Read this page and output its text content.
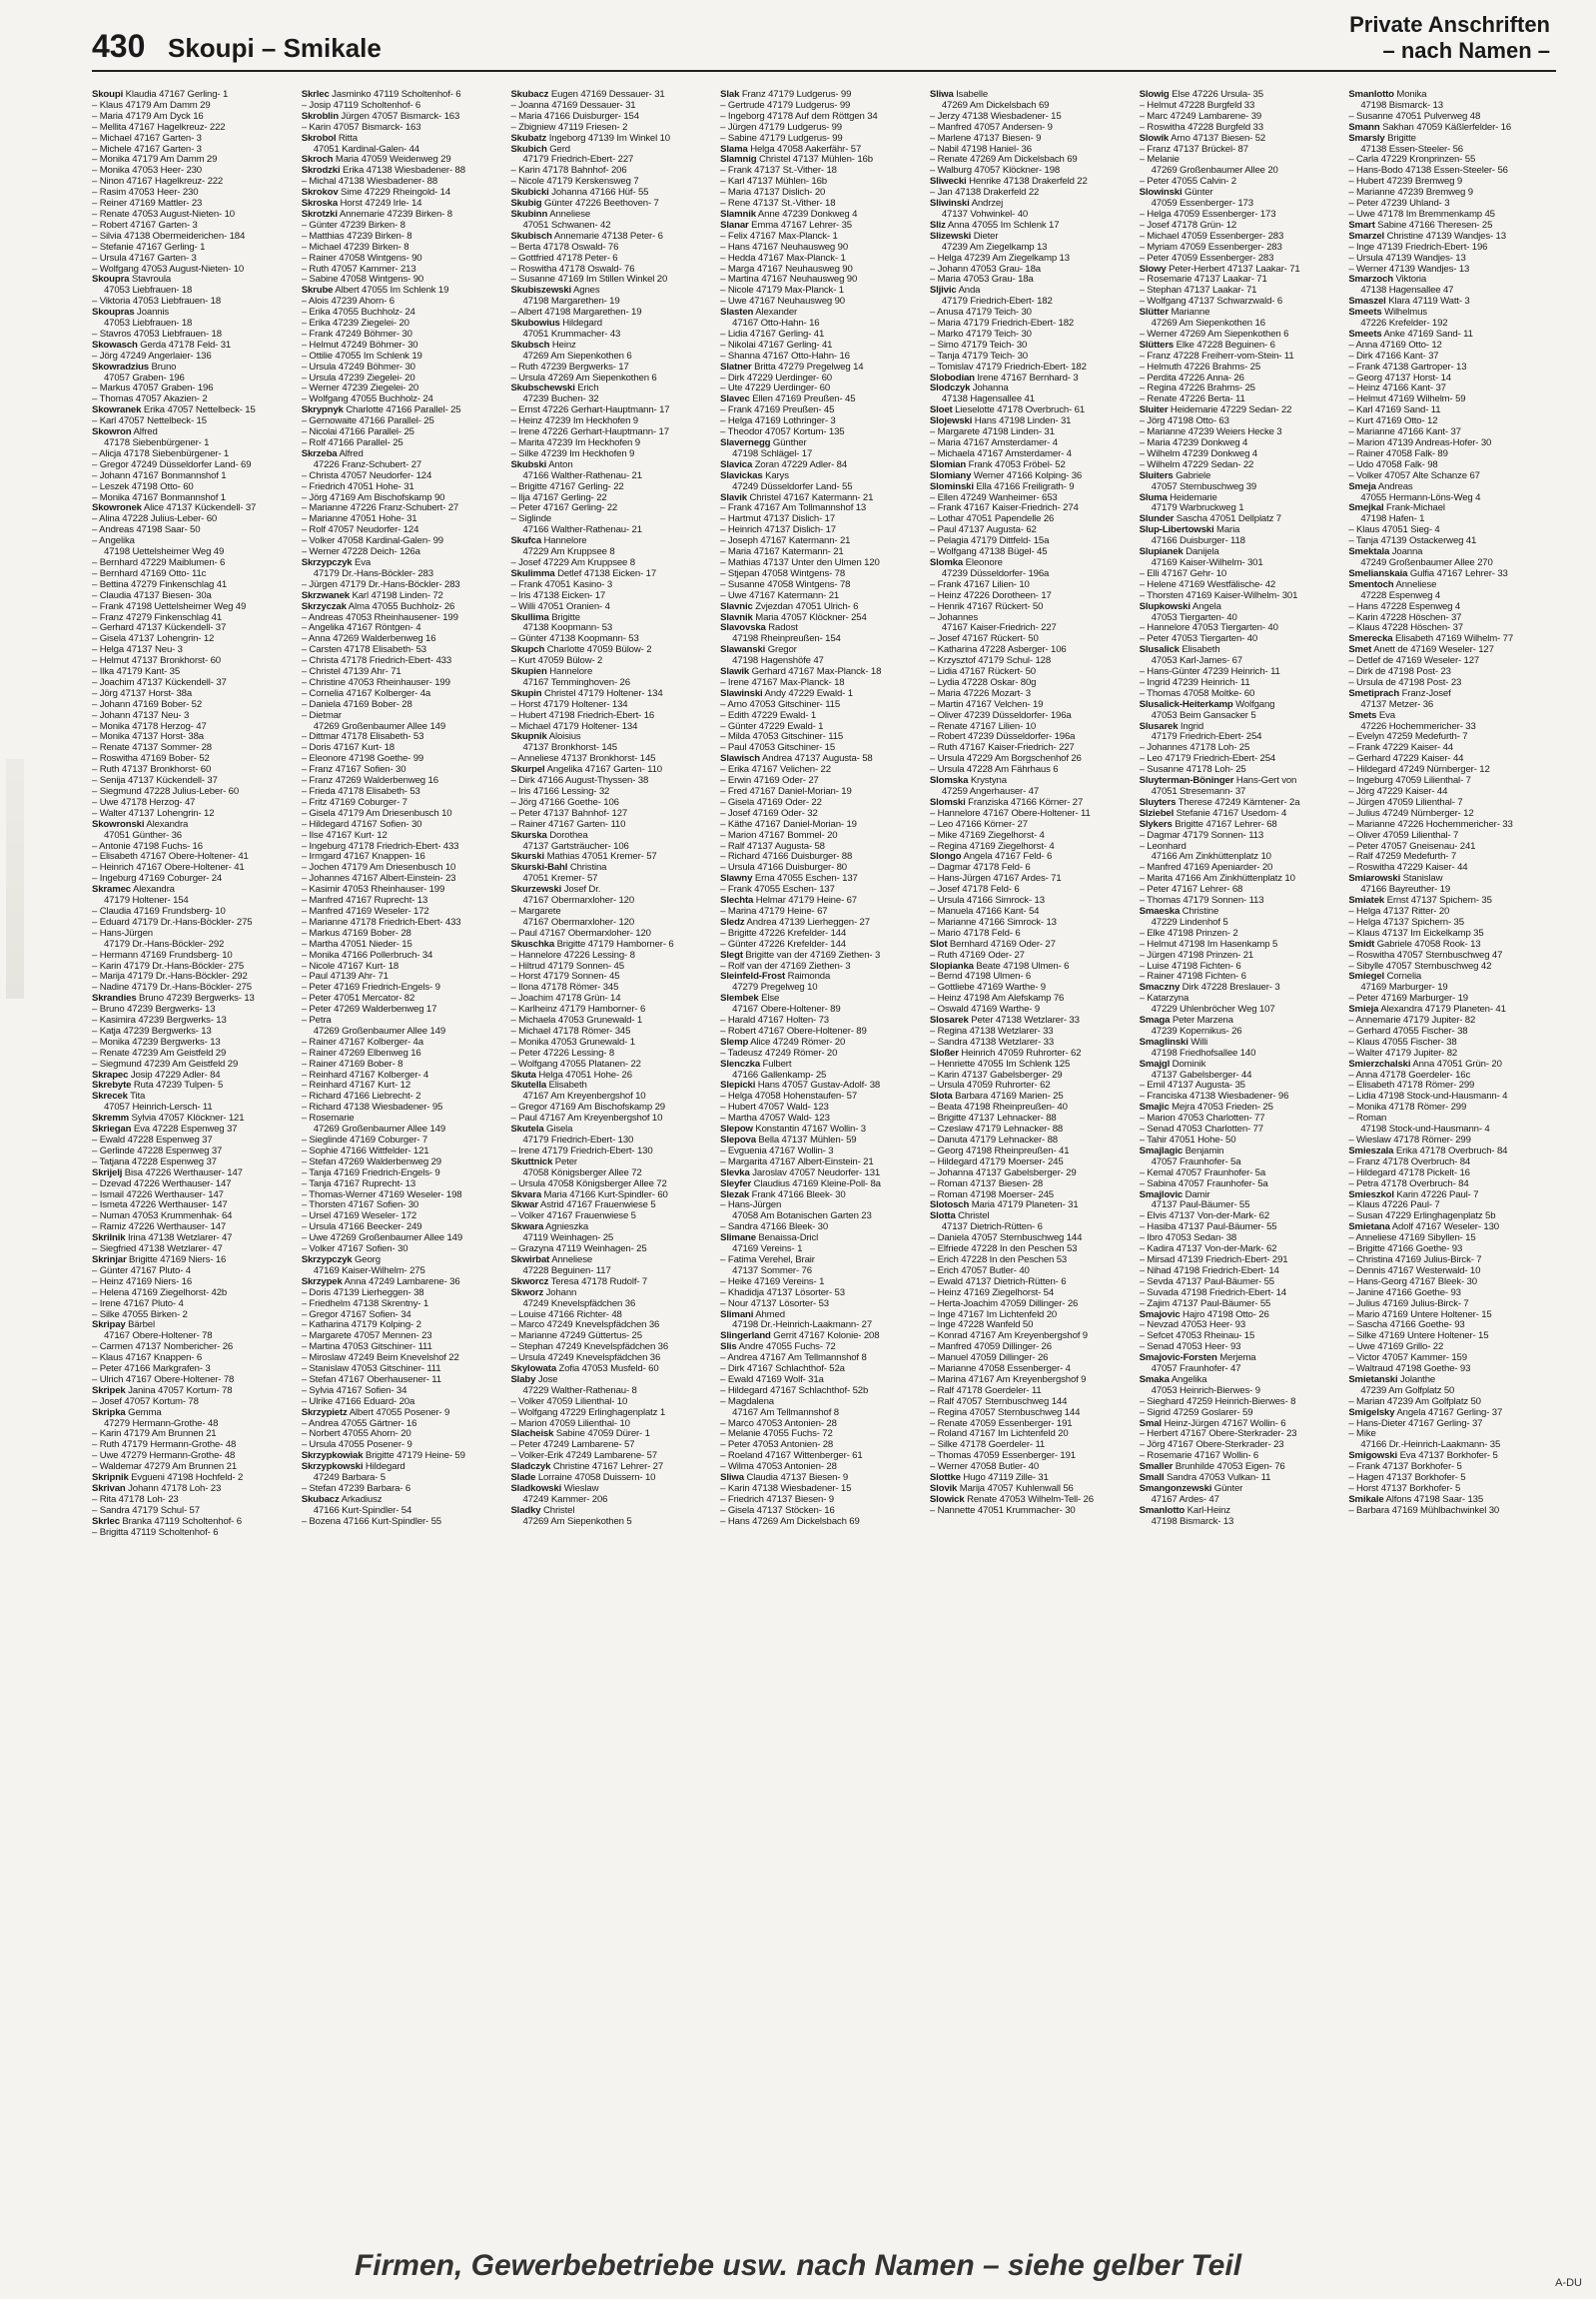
430 Skoupi – Smikale
Private Anschriften
– nach Namen –
Skoupi Klaudia 47167 Gerling- 1
– Klaus 47179 Am Damm 29
– Maria 47179 Am Dyck 16
– Mellita 47167 Hagelkreuz- 222
– Michael 47167 Garten- 3
– Michele 47167 Garten- 3
– Monika 47179 Am Damm 29
– Monika 47053 Heer- 230
– Ninon 47167 Hagelkreuz- 222
– Rasim 47053 Heer- 230
– Reiner 47169 Mattler- 23
– Renate 47053 August-Nieten- 10
– Robert 47167 Garten- 3
– Silvia 47138 Obermeiderichen- 184
– Stefanie 47167 Gerling- 1
– Ursula 47167 Garten- 3
– Wolfgang 47053 August-Nieten- 10
Skoupra Stavroula
47053 Liebfrauen- 18
– Viktoria 47053 Liebfrauen- 18
Skoupras Joannis
47053 Liebfrauen- 18
– Stavros 47053 Liebfrauen- 18
Skowasch Gerda 47178 Feld- 31
– Jörg 47249 Angerlaier- 136
Skowradzius Bruno
47057 Graben- 196
– Markus 47057 Graben- 196
– Thomas 47057 Akazien- 2
Skowranek Erika 47057 Nettelbeck- 15
– Karl 47057 Nettelbeck- 15
Skowron Alfred
47178 Siebenbürgener- 1
– Alicja 47178 Siebenbürgener- 1
– Gregor 47249 Düsseldorfer Land- 69
– Johann 47167 Bonmannshof 1
– Leszek 47198 Otto- 60
– Monika 47167 Bonmannshof 1
Skowronek Alice 47137 Kückendell- 37
– Alina 47228 Julius-Leber- 60
– Andreas 47198 Saar- 50
– Angelika
47198 Uettelsheimer Weg 49
– Bernhard 47229 Maiblumen- 6
– Bernhard 47169 Otto- 11c
– Bettina 47279 Finkenschlag 41
– Claudia 47137 Biesen- 30a
– Frank 47198 Uettelsheimer Weg 49
– Franz 47279 Finkenschlag 41
– Gerhard 47137 Kückendell- 37
– Gisela 47137 Lohengrin- 12
– Helga 47137 Neu- 3
– Helmut 47137 Bronkhorst- 60
– Ilka 47179 Kant- 35
– Joachim 47137 Kückendell- 37
– Jörg 47137 Horst- 38a
– Johann 47169 Bober- 52
– Johann 47137 Neu- 3
– Monika 47178 Herzog- 47
– Monika 47137 Horst- 38a
– Renate 47137 Sommer- 28
– Roswitha 47169 Bober- 52
– Ruth 47137 Bronkhorst- 60
– Senija 47137 Kückendell- 37
– Siegmund 47228 Julius-Leber- 60
– Uwe 47178 Herzog- 47
– Walter 47137 Lohengrin- 12
Skowronski Alexandra
47051 Günther- 36
– Antonie 47198 Fuchs- 16
– Elisabeth 47167 Obere-Holtener- 41
– Heinrich 47167 Obere-Holtener- 41
– Ingeburg 47169 Coburger- 24
Skramec Alexandra
47179 Holtener- 154
– Claudia 47169 Frundsberg- 10
– Eduard 47179 Dr.-Hans-Böckler- 275
– Hans-Jürgen
47179 Dr.-Hans-Böckler- 292
– Hermann 47169 Frundsberg- 10
– Karin 47179 Dr.-Hans-Böckler- 275
– Marija 47179 Dr.-Hans-Böckler- 292
– Nadine 47179 Dr.-Hans-Böckler- 275
Skrandies Bruno 47239 Bergwerks- 13
– Bruno 47239 Bergwerks- 13
– Kasimira 47239 Bergwerks- 13
– Katja 47239 Bergwerks- 13
– Monika 47239 Bergwerks- 13
– Renate 47239 Am Geistfeld 29
– Siegmund 47239 Am Geistfeld 29
Skrapec Josip 47229 Adler- 84
Skrebyte Ruta 47239 Tulpen- 5
Skrecek Tita
47057 Heinrich-Lersch- 11
Skremm Sylvia 47057 Klöckner- 121
Skriegan Eva 47228 Espenweg 37
– Ewald 47228 Espenweg 37
– Gerlinde 47228 Espenweg 37
– Tatjana 47228 Espenweg 37
Skrijelj Bisa 47226 Werthauser- 147
– Dzevad 47226 Werthauser- 147
– Ismail 47226 Werthauser- 147
– Ismeta 47226 Werthauser- 147
– Numan 47053 Krummenhak- 64
– Ramiz 47226 Werthauser- 147
Skrilnik Irina 47138 Wetzlarer- 47
– Siegfried 47138 Wetzlarer- 47
Skrinjar Brigitte 47169 Niers- 16
– Günter 47167 Pluto- 4
– Heinz 47169 Niers- 16
– Helena 47169 Ziegelhorst- 42b
– Irene 47167 Pluto- 4
– Silke 47055 Birken- 2
Skripay Bärbel
47167 Obere-Holtener- 78
– Carmen 47137 Nombericher- 26
– Klaus 47167 Knappen- 6
– Peter 47166 Markgrafen- 3
– Ulrich 47167 Obere-Holtener- 78
Skripek Janina 47057 Kortum- 78
– Josef 47057 Kortum- 78
Skripka Gemma
47279 Hermann-Grothe- 48
– Karin 47179 Am Brunnen 21
– Ruth 47179 Hermann-Grothe- 48
– Uwe 47279 Hermann-Grothe- 48
– Waldemar 47279 Am Brunnen 21
Skripnik Evgueni 47198 Hochfeld- 2
Skrivan Johann 47178 Loh- 23
– Rita 47178 Loh- 23
– Sandra 47179 Schul- 57
Skrlec Branka 47119 Scholtenhof- 6
– Brigitta 47119 Scholtenhof- 6
Skrlec Jasminko 47119 Scholtenhof- 6
– Josip 47119 Scholtenhof- 6
Skroblin Jürgen 47057 Bismarck- 163
– Karin 47057 Bismarck- 163
Skrobol Ritta
47051 Kardinal-Galen- 44
Skroch Maria 47059 Weidenweg 29
Skrodzki Erika 47138 Wiesbadener- 88
– Michal 47138 Wiesbadener- 88
Skrokov Sime 47229 Rheingold- 14
Skroska Horst 47249 Irle- 14
Skrotzki Annemarie 47239 Birken- 8
– Günter 47239 Birken- 8
– Matthias 47239 Birken- 8
– Michael 47239 Birken- 8
– Rainer 47058 Wintgens- 90
– Ruth 47057 Kammer- 213
– Sabine 47058 Wintgens- 90
Skrube Albert 47055 Im Schlenk 19
– Alois 47239 Ahorn- 6
– Erika 47055 Buchholz- 24
– Erika 47239 Ziegelei- 20
– Frank 47249 Böhmer- 30
– Helmut 47249 Böhmer- 30
– Ottilie 47055 Im Schlenk 19
– Ursula 47249 Böhmer- 30
– Ursula 47239 Ziegelei- 20
– Werner 47239 Ziegelei- 20
– Wolfgang 47055 Buchholz- 24
Skrypnyk Charlotte 47166 Parallel- 25
– Gernowaite 47166 Parallel- 25
– Nicolai 47166 Parallel- 25
– Rolf 47166 Parallel- 25
Skrzeba Alfred
47226 Franz-Schubert- 27
– Christa 47057 Neudorfer- 124
– Friedrich 47051 Hohe- 31
– Jörg 47169 Am Bischofskamp 90
– Marianne 47226 Franz-Schubert- 27
– Marianne 47051 Hohe- 31
– Rolf 47057 Neudorfer- 124
– Volker 47058 Kardinal-Galen- 99
– Werner 47228 Deich- 126a
Skrzypczyk Eva
47179 Dr.-Hans-Böckler- 283
– Jürgen 47179 Dr.-Hans-Böckler- 283
Skrzwanek Karl 47198 Linden- 72
Skrzyczak Alma 47055 Buchholz- 26
– Andreas 47053 Rheinhausener- 199
– Angelika 47167 Röntgen- 4
– Anna 47269 Walderbenweg 16
– Carsten 47178 Elisabeth- 53
– Christa 47178 Friedrich-Ebert- 433
– Christel 47139 Ahr- 71
– Christine 47053 Rheinhauser- 199
– Cornelia 47167 Kolberger- 4a
– Daniela 47169 Bober- 28
– Dietmar
47269 Großenbaumer Allee 149
– Dittmar 47178 Elisabeth- 53
– Doris 47167 Kurt- 18
– Eleonore 47198 Goethe- 99
– Franz 47167 Sofien- 30
– Franz 47269 Walderbenweg 16
– Frieda 47178 Elisabeth- 53
– Fritz 47169 Coburger- 7
– Gisela 47179 Am Driesenbusch 10
– Hildegard 47167 Sofien- 30
– Ilse 47167 Kurt- 12
– Ingeburg 47178 Friedrich-Ebert- 433
– Irmgard 47167 Knappen- 16
– Jochen 47179 Am Driesenbusch 10
– Johannes 47167 Albert-Einstein- 23
– Kasimir 47053 Rheinhauser- 199
– Manfred 47167 Ruprecht- 13
– Manfred 47169 Weseler- 172
– Marianne 47178 Friedrich-Ebert- 433
– Markus 47169 Bober- 28
– Martha 47051 Nieder- 15
– Monika 47166 Pollerbruch- 34
– Nicole 47167 Kurt- 18
– Paul 47139 Ahr- 71
– Peter 47169 Friedrich-Engels- 9
– Peter 47051 Mercator- 82
– Peter 47269 Walderbenweg 17
– Petra
47269 Großenbaumer Allee 149
– Rainer 47167 Kolberger- 4a
– Rainer 47269 Elbenweg 16
– Rainer 47169 Bober- 8
– Reinhard 47167 Kolberger- 4
– Reinhard 47167 Kurt- 12
– Richard 47166 Liebrecht- 2
– Richard 47138 Wiesbadener- 95
– Rosemarie
47269 Großenbaumer Allee 149
– Sieglinde 47169 Coburger- 7
– Sophie 47166 Wittfelder- 121
– Stefan 47269 Walderbenweg 29
– Tanja 47169 Friedrich-Engels- 9
– Tanja 47167 Ruprecht- 13
– Thomas-Werner 47169 Weseler- 198
– Thorsten 47167 Sofien- 30
– Ursel 47169 Weseler- 172
– Ursula 47166 Beecker- 249
– Uwe 47269 Großenbaumer Allee 149
– Volker 47167 Sofien- 30
Skrzypczyk Georg
47169 Kaiser-Wilhelm- 275
Skrzypek Anna 47249 Lambarene- 36
– Doris 47139 Lierheggen- 38
– Friedhelm 47138 Skrentny- 1
– Gregor 47167 Sofien- 34
– Katharina 47179 Kolping- 2
– Margarete 47057 Mennen- 23
– Martina 47053 Gitschiner- 111
– Miroslaw 47249 Beim Knevelshof 22
– Stanislaw 47053 Gitschiner- 111
– Stefan 47167 Oberhausener- 11
– Sylvia 47167 Sofien- 34
– Ulrike 47166 Eduard- 20a
Skrzypietz Albert 47055 Posener- 9
– Andrea 47055 Gärtner- 16
– Norbert 47055 Ahorn- 20
– Ursula 47055 Posener- 9
Skrzypkowiak Brigitte 47179 Heine- 59
Skrzypkowski Hildegard
47249 Barbara- 5
– Stefan 47239 Barbara- 6
Skubacz Arkadiusz
47166 Kurt-Spindler- 54
– Bozena 47166 Kurt-Spindler- 55
Skubacz Eugen 47169 Dessauer- 31
– Joanna 47169 Dessauer- 31
– Maria 47166 Duisburger- 154
– Zbigniew 47119 Friesen- 2
Skubatz Ingeborg 47139 Im Winkel 10
Skubich Gerd
47179 Friedrich-Ebert- 227
– Karin 47178 Bahnhof- 206
– Nicole 47179 Kerskensweg 7
Skubicki Johanna 47166 Hüf- 55
Skubig Günter 47226 Beethoven- 7
Skubinn Anneliese
47051 Schwanen- 42
Skubisch Annemarie 47138 Peter- 6
– Berta 47178 Oswald- 76
– Gottfried 47178 Peter- 6
– Roswitha 47178 Oswald- 76
– Susanne 47169 Im Stillen Winkel 20
Skubiszewski Agnes
47198 Margarethen- 19
– Albert 47198 Margarethen- 19
Skubowius Hildegard
47051 Krummacher- 43
Skubsch Heinz
47269 Am Siepenkothen 6
– Ruth 47239 Bergwerks- 17
– Ursula 47269 Am Siepenkothen 6
Skubschewski Erich
47239 Buchen- 32
– Ernst 47226 Gerhart-Hauptmann- 17
– Heinz 47239 Im Heckhofen 9
– Irene 47226 Gerhart-Hauptmann- 17
– Marita 47239 Im Heckhofen 9
– Silke 47239 Im Heckhofen 9
Skubski Anton
47166 Walther-Rathenau- 21
– Brigitte 47167 Gerling- 22
– Ilja 47167 Gerling- 22
– Peter 47167 Gerling- 22
– Siglinde
47166 Walther-Rathenau- 21
Skufca Hannelore
47229 Am Kruppsee 8
– Josef 47229 Am Kruppsee 8
Skulimma Detlef 47138 Eicken- 17
– Frank 47051 Kasino- 3
– Iris 47138 Eicken- 17
– Willi 47051 Oranien- 4
Skullima Brigitte
47138 Koopmann- 53
– Günter 47138 Koopmann- 53
Skupch Charlotte 47059 Bülow- 2
– Kurt 47059 Bülow- 2
Skupien Hannelore
47167 Temminghoven- 26
Skupin Christel 47179 Holtener- 134
– Horst 47179 Holtener- 134
– Hubert 47198 Friedrich-Ebert- 16
– Michael 47179 Holtener- 134
Skupnik Aloisius
47137 Bronkhorst- 145
– Anneliese 47137 Bronkhorst- 145
Skurpel Angelika 47167 Garten- 110
– Dirk 47166 August-Thyssen- 38
– Iris 47166 Lessing- 32
– Jörg 47166 Goethe- 106
– Peter 47137 Bahnhof- 127
– Rainer 47167 Garten- 110
Skurska Dorothea
47137 Gartsträucher- 106
Skurski Mathias 47051 Kremer- 57
Skurski-Bahl Christina
47051 Kremer- 57
Skurzewski Josef Dr.
47167 Obermarxloher- 120
– Margarete
47167 Obermarxloher- 120
– Paul 47167 Obermarxloher- 120
Skuschka Brigitte 47179 Hamborner- 6
– Hannelore 47226 Lessing- 8
– Hiltrud 47179 Sonnen- 45
– Horst 47179 Sonnen- 45
– Ilona 47178 Römer- 345
– Joachim 47178 Grün- 14
– Karlheinz 47179 Hamborner- 6
– Michaela 47053 Grunewald- 1
– Michael 47178 Römer- 345
– Monika 47053 Grunewald- 1
– Peter 47226 Lessing- 8
– Wolfgang 47055 Platanen- 22
Skuta Helga 47051 Hohe- 26
Skutella Elisabeth
47167 Am Kreyenbergshof 10
– Gregor 47169 Am Bischofskamp 29
– Paul 47167 Am Kreyenbergshof 10
Skutela Gisela
47179 Friedrich-Ebert- 130
– Irene 47179 Friedrich-Ebert- 130
Skuttnick Peter
47058 Königsberger Allee 72
– Ursula 47058 Königsberger Allee 72
Skvara Maria 47166 Kurt-Spindler- 60
Skwar Astrid 47167 Frauenwiese 5
– Volker 47167 Frauenwiese 5
Skwara Agnieszka
47119 Weinhagen- 25
– Grazyna 47119 Weinhagen- 25
Skwirbat Anneliese
47228 Beguinen- 117
Skworcz Teresa 47178 Rudolf- 7
Skworz Johann
47249 Knevelspfädchen 36
– Louise 47166 Richter- 48
– Marco 47249 Knevelspfädchen 36
– Marianne 47249 Güttertus- 25
– Stephan 47249 Knevelspfädchen 36
– Ursula 47249 Knevelspfädchen 36
Skylowata Zofia 47053 Musfeld- 60
Slaby Jose
47229 Walther-Rathenau- 8
– Volker 47059 Lilienthal- 10
– Wolfgang 47229 Erlinghagenplatz 1
– Marion 47059 Lilienthal- 10
Slacheisk Sabine 47059 Dürer- 1
– Peter 47249 Lambarene- 57
– Volker-Erik 47249 Lambarene- 57
Sladczyk Christine 47167 Lehrer- 27
Slade Lorraine 47058 Duissern- 10
Sladkowski Wieslaw
47249 Kammer- 206
Sladky Christel
47269 Am Siepenkothen 5
Slak Franz 47179 Ludgerus- 99
– Gertrude 47179 Ludgerus- 99
– Ingeborg 47178 Auf dem Röttgen 34
– Jürgen 47179 Ludgerus- 99
– Sabine 47179 Ludgerus- 99
Slama Helga 47058 Aakerfähr- 57
Slamnig Christel 47137 Mühlen- 16b
– Frank 47137 St.-Vither- 18
– Karl 47137 Mühlen- 16b
– Maria 47137 Dislich- 20
– Rene 47137 St.-Vither- 18
Slamnik Anne 47239 Donkweg 4
Slanar Emma 47167 Lehrer- 35
– Felix 47167 Max-Planck- 1
– Hans 47167 Neuhausweg 90
– Hedda 47167 Max-Planck- 1
– Marga 47167 Neuhausweg 90
– Martina 47167 Neuhausweg 90
– Nicole 47179 Max-Planck- 1
– Uwe 47167 Neuhausweg 90
Slasten Alexander
47167 Otto-Hahn- 16
– Lidia 47167 Gerling- 41
– Nikolai 47167 Gerling- 41
– Shanna 47167 Otto-Hahn- 16
Slatner Britta 47279 Pregelweg 14
– Dirk 47229 Uerdinger- 60
– Ute 47229 Uerdinger- 60
Slavec Ellen 47169 Preußen- 45
– Frank 47169 Preußen- 45
– Helga 47169 Lothringer- 3
– Theodor 47057 Kortum- 135
Slavernegg Günther
47198 Schlägel- 17
Slavica Zoran 47229 Adler- 84
Slavickas Karys
47249 Düsseldorfer Land- 55
Slavik Christel 47167 Katermann- 21
– Frank 47167 Am Tollmannshof 13
– Hartmut 47137 Dislich- 17
– Heinrich 47137 Dislich- 17
– Joseph 47167 Katermann- 21
– Maria 47167 Katermann- 21
– Mathias 47137 Unter den Ulmen 120
– Stjepan 47058 Wintgens- 78
– Susanne 47058 Wintgens- 78
– Uwe 47167 Katermann- 21
Slavnic Zvjezdan 47051 Ulrich- 6
Slavnik Maria 47057 Klöckner- 254
Slavovska Radost
47198 Rheinpreußen- 154
Slawanski Gregor
47198 Hagenshöfe 47
Slawik Gerhard 47167 Max-Planck- 18
– Irene 47167 Max-Planck- 18
Slawinski Andy 47229 Ewald- 1
– Arno 47053 Gitschiner- 115
– Edith 47229 Ewald- 1
– Günter 47229 Ewald- 1
– Milda 47053 Gitschiner- 115
– Paul 47053 Gitschiner- 15
Slawisch Andrea 47137 Augusta- 58
– Erika 47167 Velichen- 22
– Erwin 47169 Oder- 27
– Fred 47167 Daniel-Morian- 19
– Gisela 47169 Oder- 22
– Josef 47169 Oder- 32
– Käthe 47167 Daniel-Morian- 19
– Marion 47167 Bommel- 20
– Ralf 47137 Augusta- 58
– Richard 47166 Duisburger- 88
– Ursula 47166 Duisburger- 80
Slawny Erna 47055 Eschen- 137
– Frank 47055 Eschen- 137
Slechta Helmar 47179 Heine- 67
– Marina 47179 Heine- 67
Sledz Andrea 47139 Lierheggen- 27
– Brigitte 47226 Krefelder- 144
– Günter 47226 Krefelder- 144
Slegt Brigitte van der 47169 Ziethen- 3
– Rolf van der 47169 Ziethen- 3
Sleinfeld-Frost Raimonda
47279 Pregelweg 10
Slembek Else
47167 Obere-Holtener- 89
– Harald 47167 Holten- 73
– Robert 47167 Obere-Holtener- 89
Slemp Alice 47249 Römer- 20
– Tadeusz 47249 Römer- 20
Slenczka Fulbert
47166 Gallenkamp- 25
Slepicki Hans 47057 Gustav-Adolf- 38
– Helga 47058 Hohenstaufen- 57
– Hubert 47057 Wald- 123
– Martha 47057 Wald- 123
Slepow Konstantin 47167 Wollin- 3
Slepova Bella 47137 Mühlen- 59
– Evguenia 47167 Wollin- 3
– Margarita 47167 Albert-Einstein- 21
Slevka Jaroslav 47057 Neudorfer- 131
Sleyfer Claudius 47169 Kleine-Poll- 8a
Slezak Frank 47166 Bleek- 30
– Hans-Jürgen
47058 Am Botanischen Garten 23
– Sandra 47166 Bleek- 30
Slimane Benaissa-Dricl
47169 Vereins- 1
– Fatima Verehel, Brair
47137 Sommer- 76
– Heike 47169 Vereins- 1
– Khadidja 47137 Lösorter- 53
– Nour 47137 Lösorter- 53
Slimani Ahmed
47198 Dr.-Heinrich-Laakmann- 27
Slingerland Gerrit 47167 Kolonie- 208
Slis Andre 47055 Fuchs- 72
– Andrea 47167 Am Tellmannshof 8
– Dirk 47167 Schlachthof- 52a
– Ewald 47169 Wolf- 31a
– Hildegard 47167 Schlachthof- 52b
– Magdalena
47167 Am Tellmannshof 8
– Marco 47053 Antonien- 28
– Melanie 47055 Fuchs- 72
– Peter 47053 Antonien- 28
– Roeland 47167 Wittenberger- 61
– Wilma 47053 Antonien- 28
Sliwa Claudia 47137 Biesen- 9
– Karin 47138 Wiesbadener- 15
– Friedrich 47137 Biesen- 9
– Gisela 47137 Stöcken- 16
– Hans 47269 Am Dickelsbach 69
Sliwa Isabelle
47269 Am Dickelsbach 69
– Jerzy 47138 Wiesbadener- 15
– Manfred 47057 Andersen- 9
– Marlene 47137 Biesen- 9
– Nabil 47198 Haniel- 36
– Renate 47269 Am Dickelsbach 69
– Walburg 47057 Klöckner- 198
Sliwecki Henrike 47138 Drakerfeld 22
– Jan 47138 Drakerfeld 22
Sliwinski Andrzej
47137 Vohwinkel- 40
Sliz Anna 47055 Im Schlenk 17
Slizewski Dieter
47239 Am Ziegelkamp 13
– Helga 47239 Am Ziegelkamp 13
– Johann 47053 Grau- 18a
– Maria 47053 Grau- 18a
Sljivic Anda
47179 Friedrich-Ebert- 182
– Anusa 47179 Teich- 30
– Maria 47179 Friedrich-Ebert- 182
– Marko 47179 Teich- 30
– Simo 47179 Teich- 30
– Tanja 47179 Teich- 30
– Tomislav 47179 Friedrich-Ebert- 182
Slobodian Irene 47167 Bernhard- 3
Slodczyk Johanna
47138 Hagensallee 41
Sloet Lieselotte 47178 Overbruch- 61
Slojewski Hans 47198 Linden- 31
– Margarete 47198 Linden- 31
– Maria 47167 Amsterdamer- 4
– Michaela 47167 Amsterdamer- 4
Slomian Frank 47053 Fröbel- 52
Slomiany Werner 47166 Kolping- 36
Slominski Ella 47166 Freiligrath- 9
– Ellen 47249 Wanheimer- 653
– Frank 47167 Kaiser-Friedrich- 274
– Lothar 47051 Papendelle 26
– Paul 47137 Augusta- 62
– Pelagia 47179 Dittfeld- 15a
– Wolfgang 47138 Bügel- 45
Slomka Eleonore
47239 Düsseldorfer- 196a
– Frank 47167 Lilien- 10
– Heinz 47226 Dorotheen- 17
– Henrik 47167 Rückert- 50
– Johannes
47167 Kaiser-Friedrich- 227
– Josef 47167 Rückert- 50
– Katharina 47228 Asberger- 106
– Krzysztof 47179 Schul- 128
– Lidia 47167 Rückert- 50
– Lydia 47228 Oskar- 80g
– Maria 47226 Mozart- 3
– Martin 47167 Velchen- 19
– Oliver 47239 Düsseldorfer- 196a
– Renate 47167 Lilien- 10
– Robert 47239 Düsseldorfer- 196a
– Ruth 47167 Kaiser-Friedrich- 227
– Ursula 47229 Am Borgschenhof 26
– Ursula 47228 Am Fährhaus 6
Slomska Krystyna
47259 Angerhauser- 47
Slomski Franziska 47166 Körner- 27
– Hannelore 47167 Obere-Holtener- 11
– Leo 47166 Körner- 27
– Mike 47169 Ziegelhorst- 4
– Regina 47169 Ziegelhorst- 4
Slongo Angela 47167 Feld- 6
– Dagmar 47178 Feld- 6
– Hans-Jürgen 47167 Ardes- 71
– Josef 47178 Feld- 6
– Ursula 47166 Simrock- 13
– Manuela 47166 Kant- 54
– Marianne 47166 Simrock- 13
– Mario 47178 Feld- 6
Slot Bernhard 47169 Oder- 27
– Ruth 47169 Oder- 27
Slopianka Beate 47198 Ulmen- 6
– Bernd 47198 Ulmen- 6
– Gottliebe 47169 Warthe- 9
– Heinz 47198 Am Alefskamp 76
– Oswald 47169 Warthe- 9
Slosarek Peter 47138 Wetzlarer- 33
– Regina 47138 Wetzlarer- 33
– Sandra 47138 Wetzlarer- 33
Sloßer Heinrich 47059 Ruhrorter- 62
– Henriette 47055 Im Schlenk 125
– Karin 47137 Gabelsberger- 29
– Ursula 47059 Ruhrorter- 62
Slota Barbara 47169 Marien- 25
– Beata 47198 Rheinpreußen- 40
– Brigitte 47137 Lehnacker- 88
– Czeslaw 47179 Lehnacker- 88
– Danuta 47179 Lehnacker- 88
– Georg 47198 Rheinpreußen- 41
– Hildegard 47179 Moerser- 245
– Johanna 47137 Gabelsberger- 29
– Roman 47137 Biesen- 28
– Roman 47198 Moerser- 245
Slotosch Maria 47179 Planeten- 31
Slotta Christel
47137 Dietrich-Rütten- 6
– Daniela 47057 Sternbuschweg 144
– Elfriede 47228 In den Peschen 53
– Erich 47228 In den Peschen 53
– Erich 47057 Butler- 40
– Ewald 47137 Dietrich-Rütten- 6
– Heinz 47169 Ziegelhorst- 54
– Herta-Joachim 47059 Dillinger- 26
– Inge 47167 Im Lichtenfeld 20
– Inge 47228 Wanfeld 50
– Konrad 47167 Am Kreyenbergshof 9
– Manfred 47059 Dillinger- 26
– Manuel 47059 Dillinger- 26
– Marianne 47058 Essenberger- 4
– Marina 47167 Am Kreyenbergshof 9
– Ralf 47178 Goerdeler- 11
– Ralf 47057 Sternbuschweg 144
– Regina 47057 Sternbuschweg 144
– Renate 47059 Essenberger- 191
– Roland 47167 Im Lichtenfeld 20
– Silke 47178 Goerdeler- 11
– Thomas 47059 Essenberger- 191
– Werner 47058 Butler- 40
Slottke Hugo 47119 Zille- 31
Slovik Marija 47057 Kuhlenwall 56
Slowick Renate 47053 Wilhelm-Tell- 26
– Nannette 47051 Krummacher- 30
Slowig Else 47226 Ursula- 35
– Helmut 47228 Burgfeld 33
– Marc 47249 Lambarene- 39
– Roswitha 47228 Burgfeld 33
Slowik Arno 47137 Biesen- 52
– Franz 47137 Brückel- 87
– Melanie
47269 Großenbaumer Allee 20
– Peter 47055 Calvin- 2
Slowinski Günter
47059 Essenberger- 173
– Helga 47059 Essenberger- 173
– Josef 47178 Grün- 12
– Michael 47059 Essenberger- 283
– Myriam 47059 Essenberger- 283
– Peter 47059 Essenberger- 283
Slowy Peter-Herbert 47137 Laakar- 71
– Rosemarie 47137 Laakar- 71
– Stephan 47137 Laakar- 71
– Wolfgang 47137 Schwarzwald- 6
Slütter Marianne
47269 Am Siepenkothen 16
– Werner 47269 Am Siepenkothen 6
Slütters Elke 47228 Beguinen- 6
– Franz 47228 Freiherr-vom-Stein- 11
– Helmuth 47226 Brahms- 25
– Perdita 47226 Anna- 26
– Regina 47226 Brahms- 25
– Renate 47226 Berta- 11
Sluiter Heidemarie 47229 Sedan- 22
– Jörg 47198 Otto- 63
– Marianne 47239 Weiers Hecke 3
– Maria 47239 Donkweg 4
– Wilhelm 47239 Donkweg 4
– Wilhelm 47229 Sedan- 22
Sluiters Gabriele
47057 Sternbuschweg 39
Sluma Heidemarie
47179 Warbruckweg 1
Slunder Sascha 47051 Dellplatz 7
Slup-Libertowski Maria
47166 Duisburger- 118
Slupianek Danijela
47169 Kaiser-Wilhelm- 301
– Elli 47167 Gehr- 10
– Helene 47169 Westfälische- 42
– Thorsten 47169 Kaiser-Wilhelm- 301
Slupkowski Angela
47053 Tiergarten- 40
– Hannelore 47053 Tiergarten- 40
– Peter 47053 Tiergarten- 40
Slusalick Elisabeth
47053 Karl-James- 67
– Hans-Günter 47239 Heinrich- 11
– Ingrid 47239 Heinrich- 11
– Thomas 47058 Moltke- 60
Slusalick-Heiterkamp Wolfgang
47053 Beim Gansacker 5
Slusarek Ingrid
47179 Friedrich-Ebert- 254
– Johannes 47178 Loh- 25
– Leo 47179 Friedrich-Ebert- 254
– Susanne 47178 Loh- 25
Sluyterman-Böninger Hans-Gert von
47051 Stresemann- 37
Sluyters Therese 47249 Kärntener- 2a
Slziebel Stefanie 47167 Usedom- 4
Slykers Brigitte 47167 Lehrer- 68
– Dagmar 47179 Sonnen- 113
– Leonhard
47166 Am Zinkhüttenplatz 10
– Manfred 47169 Apeniarder- 20
– Marita 47166 Am Zinkhüttenplatz 10
– Peter 47167 Lehrer- 68
– Thomas 47179 Sonnen- 113
Smaeska Christine
47229 Lindenhof 5
– Elke 47198 Prinzen- 2
– Helmut 47198 Im Hasenkamp 5
– Jürgen 47198 Prinzen- 21
– Luise 47198 Fichten- 6
– Rainer 47198 Fichten- 6
Smaczny Dirk 47228 Breslauer- 3
– Katarzyna
47229 Uhlenbröcher Weg 107
Smaga Peter Marzena
47239 Kopernikus- 26
Smaglinski Willi
47198 Friedhofsallee 140
Smajgl Dominik
47137 Gabelsberger- 44
– Emil 47137 Augusta- 35
– Franciska 47138 Wiesbadener- 96
Smajic Mejra 47053 Frieden- 25
– Marion 47053 Charlotten- 77
– Senad 47053 Charlotten- 77
– Tahir 47051 Hohe- 50
Smajlagic Benjamin
47057 Fraunhofer- 5a
– Kemal 47057 Fraunhofer- 5a
– Sabina 47057 Fraunhofer- 5a
Smajlovic Damir
47137 Paul-Bäumer- 55
– Elvis 47137 Von-der-Mark- 62
– Hasiba 47137 Paul-Bäumer- 55
– Ibro 47053 Sedan- 38
– Kadira 47137 Von-der-Mark- 62
– Mirsad 47139 Friedrich-Ebert- 291
– Nihad 47198 Friedrich-Ebert- 14
– Sevda 47137 Paul-Bäumer- 55
– Suvada 47198 Friedrich-Ebert- 14
– Zajim 47137 Paul-Bäumer- 55
Smajovic Hajro 47198 Otto- 26
– Nevzad 47053 Heer- 93
– Sefcet 47053 Rheinau- 15
– Senad 47053 Heer- 93
Smajovic-Forsten Merjema
47057 Fraunhofer- 47
Smaka Angelika
47053 Heinrich-Bierwes- 9
– Sieghard 47259 Heinrich-Bierwes- 8
– Sigrid 47259 Goslarer- 59
Smal Heinz-Jürgen 47167 Wollin- 6
– Herbert 47167 Obere-Sterkrader- 23
– Jörg 47167 Obere-Sterkrader- 23
– Rosemarie 47167 Wollin- 6
Smaller Brunhilde 47053 Eigen- 76
Small Sandra 47053 Vulkan- 11
Smangonzewski Günter
47167 Ardes- 47
Smanlotto Karl-Heinz
47198 Bismarck- 13
Smanlotto Monika
47198 Bismarck- 13
– Susanne 47051 Pulverweg 48
Smann Sakhan 47059 Käßlerfelder- 16
Smarsly Brigitte
47138 Essen-Steeler- 56
– Carla 47229 Kronprinzen- 55
– Hans-Bodo 47138 Essen-Steeler- 56
– Hubert 47239 Bremweg 9
– Marianne 47239 Bremweg 9
– Peter 47239 Uhland- 3
– Uwe 47178 Im Bremmenkamp 45
Smart Sabine 47166 Theresen- 25
Smarzel Christine 47139 Wandjes- 13
– Inge 47139 Friedrich-Ebert- 196
– Ursula 47139 Wandjes- 13
– Werner 47139 Wandjes- 13
Smarzoch Viktoria
47138 Hagensallee 47
Smaszel Klara 47119 Watt- 3
Smeets Wilhelmus
47226 Krefelder- 192
Smeets Anke 47169 Sand- 11
– Anna 47169 Otto- 12
– Dirk 47166 Kant- 37
– Frank 47138 Gartroper- 13
– Georg 47137 Horst- 14
– Heinz 47166 Kant- 37
– Helmut 47169 Wilhelm- 59
– Karl 47169 Sand- 11
– Kurt 47169 Otto- 12
– Marianne 47166 Kant- 37
– Marion 47139 Andreas-Hofer- 30
– Rainer 47058 Falk- 89
– Udo 47058 Falk- 98
– Volker 47057 Alte Schanze 67
Smeja Andreas
47055 Hermann-Löns-Weg 4
Smejkal Frank-Michael
47198 Hafen- 1
– Klaus 47051 Sieg- 4
– Tanja 47139 Ostackerweg 41
Smektala Joanna
47249 Großenbaumer Allee 270
Smelianskaia Gulfia 47167 Lehrer- 33
Smentoch Anneliese
47228 Espenweg 4
– Hans 47228 Espenweg 4
– Karin 47228 Höschen- 37
– Klaus 47228 Höschen- 37
Smerecka Elisabeth 47169 Wilhelm- 77
Smet Anett de 47169 Weseler- 127
– Detlef de 47169 Weseler- 127
– Dirk de 47198 Post- 23
– Ursula de 47198 Post- 23
Smetiprach Franz-Josef
47137 Metzer- 36
Smets Eva
47226 Hochemmericher- 33
– Evelyn 47259 Medefurth- 7
– Frank 47229 Kaiser- 44
– Gerhard 47229 Kaiser- 44
– Hildegard 47249 Nürnberger- 12
– Ingeburg 47059 Lilienthal- 7
– Jörg 47229 Kaiser- 44
– Jürgen 47059 Lilienthal- 7
– Julius 47249 Nürnberger- 12
– Marianne 47226 Hochemmericher- 33
– Oliver 47059 Lilienthal- 7
– Peter 47057 Gneisenau- 241
– Ralf 47259 Medefurth- 7
– Roswitha 47229 Kaiser- 44
Smiarowski Stanislaw
47166 Bayreuther- 19
Smiatek Ernst 47137 Spichern- 35
– Helga 47137 Ritter- 20
– Helga 47137 Spichern- 35
– Klaus 47137 Im Eickelkamp 35
Smidt Gabriele 47058 Rook- 13
– Roswitha 47057 Sternbuschweg 47
– Sibylle 47057 Sternbuschweg 42
Smiegel Cornelia
47169 Marburger- 19
– Peter 47169 Marburger- 19
Smieja Alexandra 47179 Planeten- 41
– Annemarie 47179 Jupiter- 82
– Gerhard 47055 Fischer- 38
– Klaus 47055 Fischer- 38
– Walter 47179 Jupiter- 82
Smierzchalski Anna 47051 Grün- 20
– Anna 47178 Goerdeler- 16c
– Elisabeth 47178 Römer- 299
– Lidia 47198 Stock-und-Hausmann- 4
– Monika 47178 Römer- 299
– Roman
47198 Stock-und-Hausmann- 4
– Wieslaw 47178 Römer- 299
Smieszala Erika 47178 Overbruch- 84
– Franz 47178 Overbruch- 84
– Hildegard 47178 Pickelt- 16
– Petra 47178 Overbruch- 84
Smieszkol Karin 47226 Paul- 7
– Klaus 47226 Paul- 7
– Susan 47229 Erlinghagenplatz 5b
Smietana Adolf 47167 Weseler- 130
– Anneliese 47169 Sibyllen- 15
– Brigitte 47166 Goethe- 93
– Christina 47169 Julius-Birck- 7
– Dennis 47167 Westerwald- 10
– Hans-Georg 47167 Bleek- 30
– Janine 47166 Goethe- 93
– Julius 47169 Julius-Birck- 7
– Mario 47169 Untere Holtener- 15
– Sascha 47166 Goethe- 93
– Silke 47169 Untere Holtener- 15
– Uwe 47169 Grillo- 22
– Victor 47057 Kammer- 159
– Waltraud 47198 Goethe- 93
Smietanski Jolanthe
47239 Am Golfplatz 50
– Marian 47239 Am Golfplatz 50
Smigelsky Angela 47167 Gerling- 37
– Hans-Dieter 47167 Gerling- 37
– Mike
47166 Dr.-Heinrich-Laakmann- 35
Smigowski Eva 47137 Borkhofer- 5
– Frank 47137 Borkhofer- 5
– Hagen 47137 Borkhofer- 5
– Horst 47137 Borkhofer- 5
Smikale Alfons 47198 Saar- 135
– Barbara 47169 Mühlbachwinkel 30
Firmen, Gewerbebetriebe usw. nach Namen – siehe gelber Teil
A-DU
